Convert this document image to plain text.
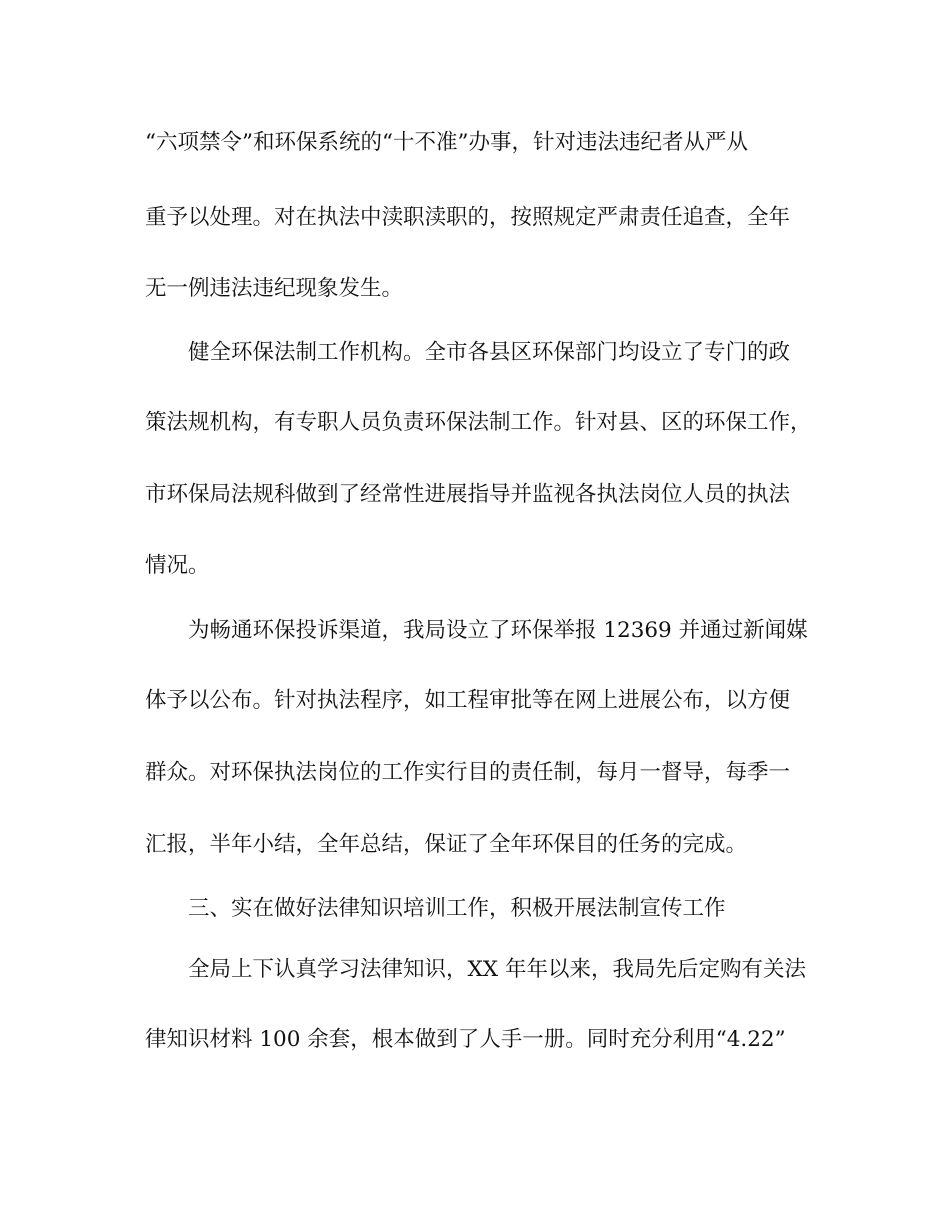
“六项禁令”和环保系统的“十不准”办事，针对违法违纪者从严从
重予以处理。对在执法中渎职渎职的，按照规定严肃责任追查，全年
无一例违法违纪现象发生。
健全环保法制工作机构。全市各县区环保部门均设立了专门的政
策法规机构，有专职人员负责环保法制工作。针对县、区的环保工作，
市环保局法规科做到了经常性进展指导并监视各执法岗位人员的执法
情况。
为畅通环保投诉渠道，我局设立了环保举报 12369 并通过新闻媒
体予以公布。针对执法程序，如工程审批等在网上进展公布，以方便
群众。对环保执法岗位的工作实行目的责任制，每月一督导，每季一
汇报，半年小结，全年总结，保证了全年环保目的任务的完成。
三、实在做好法律知识培训工作，积极开展法制宣传工作
全局上下认真学习法律知识，XX 年年以来，我局先后定购有关法
律知识材料 100 余套，根本做到了人手一册。同时充分利用“4.22”
